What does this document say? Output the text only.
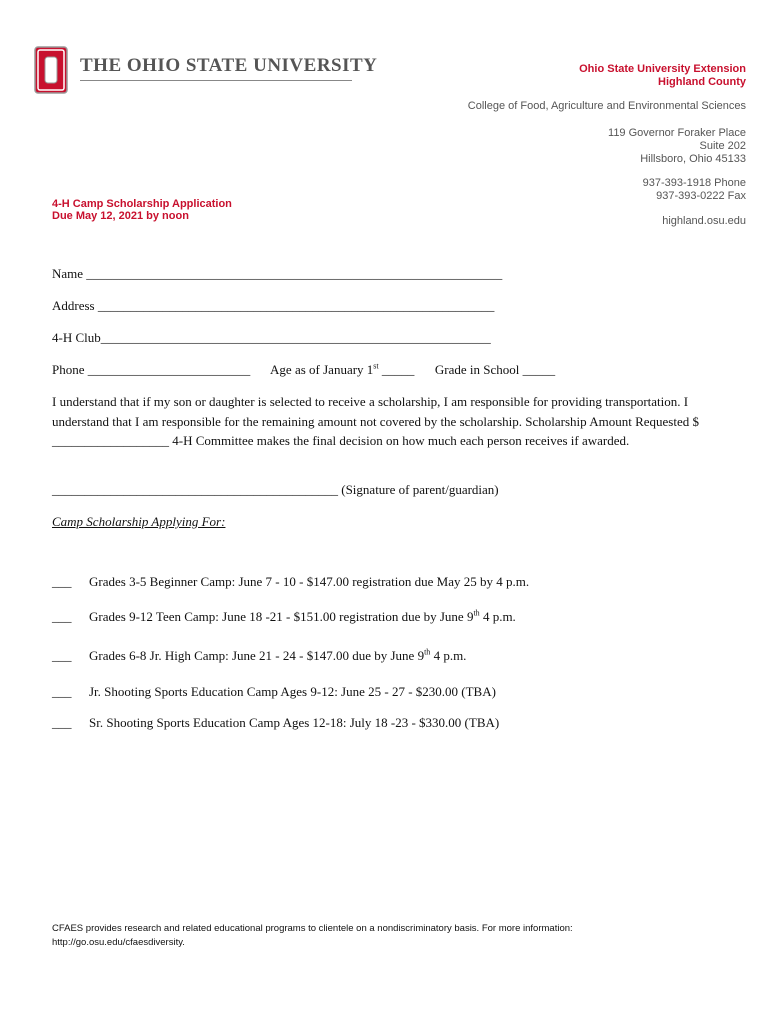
THE OHIO STATE UNIVERSITY	Ohio State University Extension
Highland County
College of Food, Agriculture and Environmental Sciences
119 Governor Foraker Place
Suite 202
Hillsboro, Ohio 45133
937-393-1918 Phone
937-393-0222 Fax
highland.osu.edu
4-H Camp Scholarship Application
Due May 12, 2021 by noon
Name ________________________________________________________________
Address _____________________________________________________________
4-H Club____________________________________________________________
Phone _________________________ Age as of January 1st _____ Grade in School _____
I understand that if my son or daughter is selected to receive a scholarship, I am responsible for providing transportation. I understand that I am responsible for the remaining amount not covered by the scholarship. Scholarship Amount Requested $ __________________ 4-H Committee makes the final decision on how much each person receives if awarded.
____________________________________________ (Signature of parent/guardian)
Camp Scholarship Applying For:
___ Grades 3-5 Beginner Camp: June 7 - 10 - $147.00 registration due May 25 by 4 p.m.
___ Grades 9-12 Teen Camp: June 18 -21 - $151.00 registration due by June 9th 4 p.m.
___ Grades 6-8 Jr. High Camp: June 21 - 24 - $147.00 due by June 9th 4 p.m.
___ Jr. Shooting Sports Education Camp Ages 9-12: June 25 - 27 - $230.00 (TBA)
___ Sr. Shooting Sports Education Camp Ages 12-18: July 18 -23 - $330.00 (TBA)
CFAES provides research and related educational programs to clientele on a nondiscriminatory basis. For more information:
http://go.osu.edu/cfaesdiversity.
